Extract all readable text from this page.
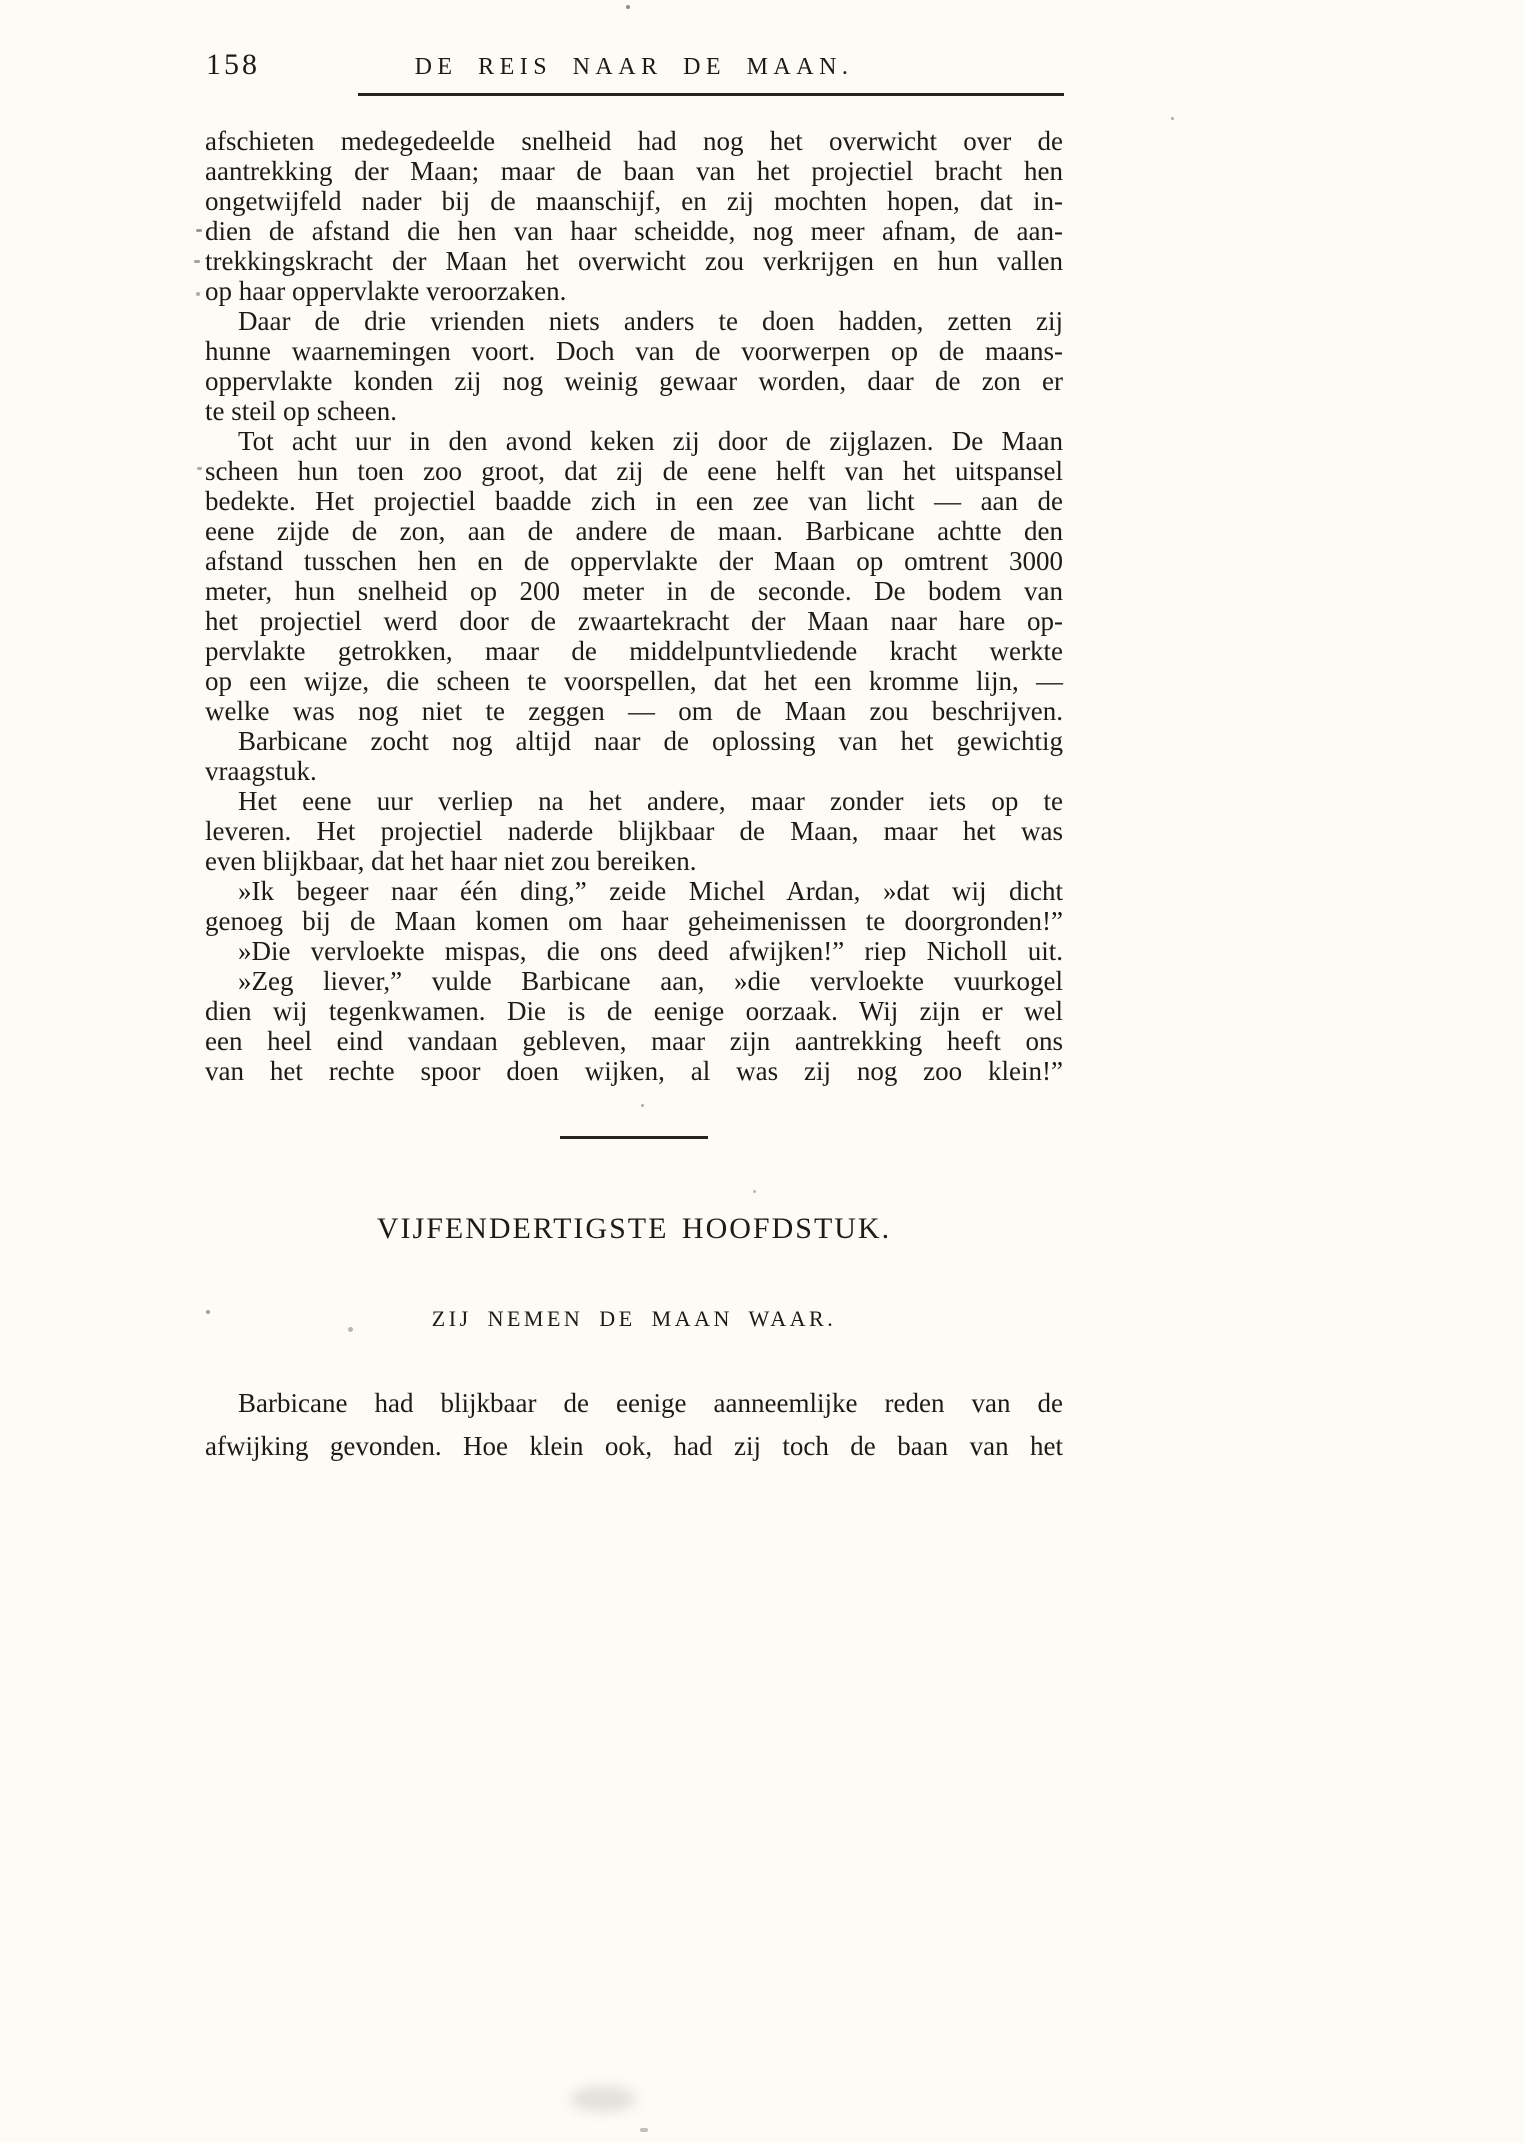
158	DE REIS NAAR DE MAAN.
afschieten medegedeelde snelheid had nog het overwicht over de
aantrekking der Maan; maar de baan van het projectiel bracht hen
ongetwijfeld nader bij de maanschijf, en zij mochten hopen, dat in-
dien de afstand die hen van haar scheidde, nog meer afnam, de aan-
trekkingskracht der Maan het overwicht zou verkrijgen en hun vallen
op haar oppervlakte veroorzaken.
Daar de drie vrienden niets anders te doen hadden, zetten zij
hunne waarnemingen voort. Doch van de voorwerpen op de maans-
oppervlakte konden zij nog weinig gewaar worden, daar de zon er
te steil op scheen.
Tot acht uur in den avond keken zij door de zijglazen. De Maan
scheen hun toen zoo groot, dat zij de eene helft van het uitspansel
bedekte. Het projectiel baadde zich in een zee van licht — aan de
eene zijde de zon, aan de andere de maan. Barbicane achtte den
afstand tusschen hen en de oppervlakte der Maan op omtrent 3000
meter, hun snelheid op 200 meter in de seconde. De bodem van
het projectiel werd door de zwaartekracht der Maan naar hare op-
pervlakte getrokken, maar de middelpuntvliedende kracht werkte
op een wijze, die scheen te voorspellen, dat het een kromme lijn, —
welke was nog niet te zeggen — om de Maan zou beschrijven.
Barbicane zocht nog altijd naar de oplossing van het gewichtig
vraagstuk.
Het eene uur verliep na het andere, maar zonder iets op te
leveren. Het projectiel naderde blijkbaar de Maan, maar het was
even blijkbaar, dat het haar niet zou bereiken.
»Ik begeer naar één ding,” zeide Michel Ardan, »dat wij dicht
genoeg bij de Maan komen om haar geheimenissen te doorgronden!”
»Die vervloekte mispas, die ons deed afwijken!” riep Nicholl uit.
»Zeg liever,” vulde Barbicane aan, »die vervloekte vuurkogel
dien wij tegenkwamen. Die is de eenige oorzaak. Wij zijn er wel
een heel eind vandaan gebleven, maar zijn aantrekking heeft ons
van het rechte spoor doen wijken, al was zij nog zoo klein!”
VIJFENDERTIGSTE HOOFDSTUK.
ZIJ NEMEN DE MAAN WAAR.
Barbicane had blijkbaar de eenige aanneemlijke reden van de
afwijking gevonden. Hoe klein ook, had zij toch de baan van het
